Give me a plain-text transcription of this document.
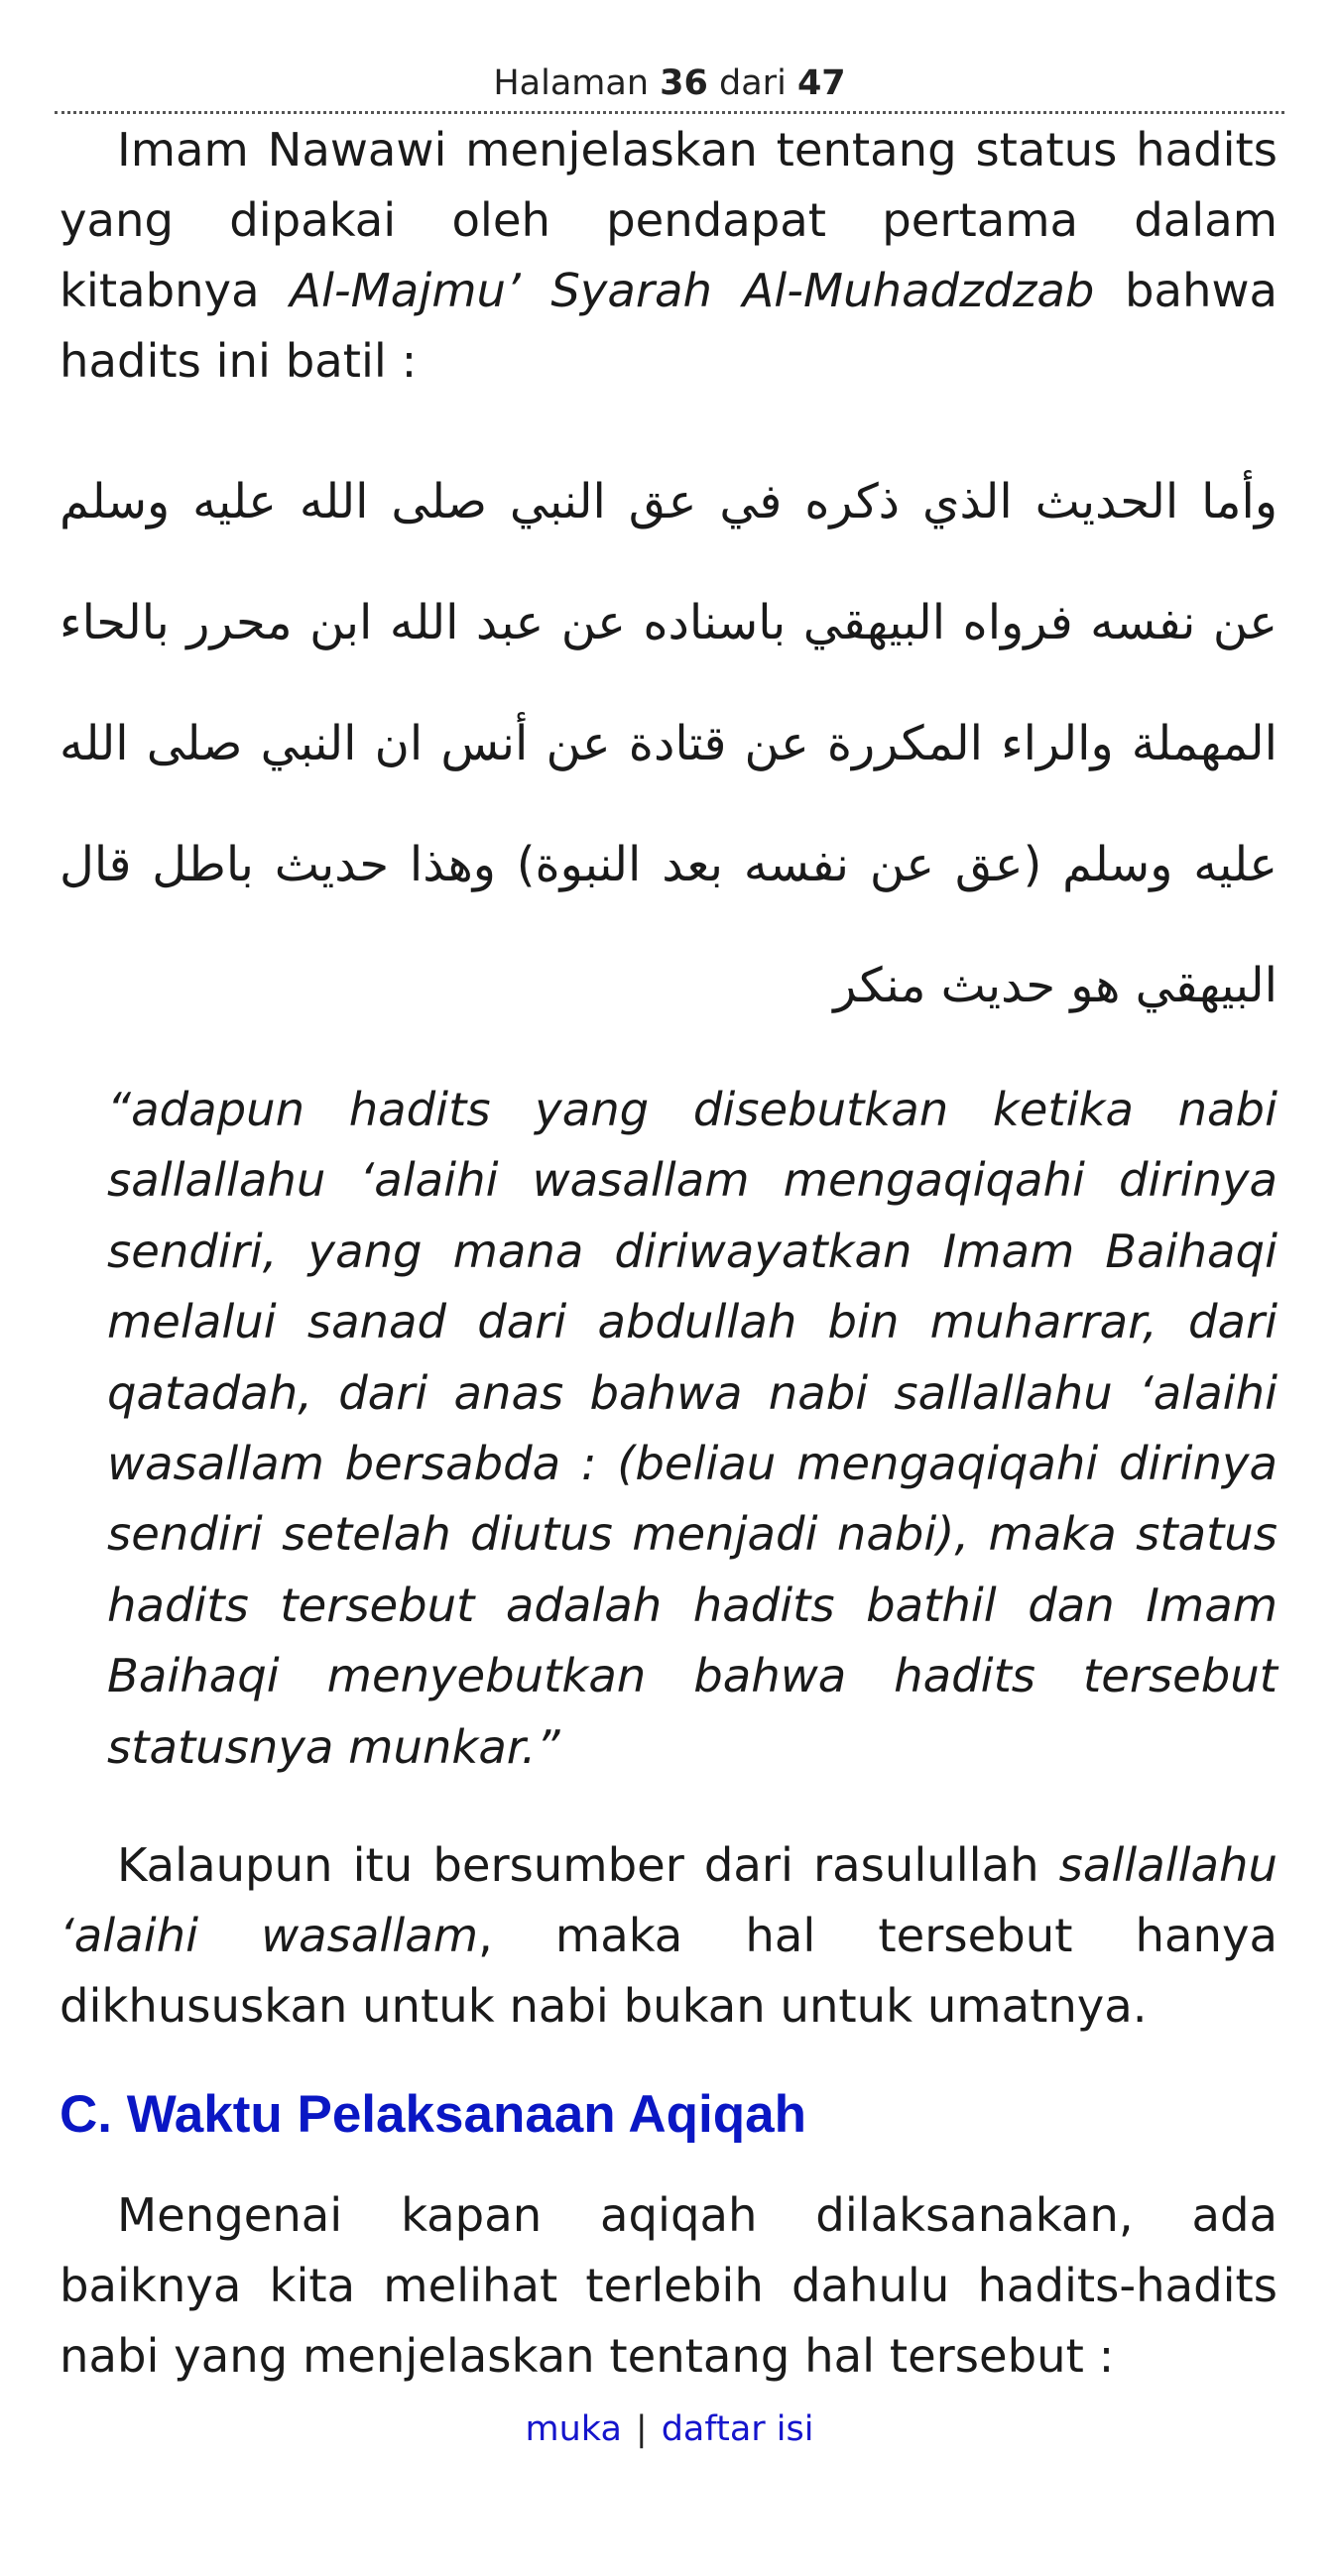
Halaman 36 dari 47

Imam Nawawi menjelaskan tentang status hadits yang dipakai oleh pendapat pertama dalam kitabnya Al-Majmu’ Syarah Al-Muhadzdzab bahwa hadits ini batil :

وأما الحديث الذي ذكره في عق النبي صلى الله عليه وسلم عن نفسه فرواه البيهقي باسناده عن عبد الله ابن محرر بالحاء المهملة والراء المكررة عن قتادة عن أنس ان النبي صلى الله عليه وسلم (عق عن نفسه بعد النبوة) وهذا حديث باطل قال البيهقي هو حديث منكر

“adapun hadits yang disebutkan ketika nabi sallallahu ‘alaihi wasallam mengaqiqahi dirinya sendiri, yang mana diriwayatkan Imam Baihaqi melalui sanad dari abdullah bin muharrar, dari qatadah, dari anas bahwa nabi sallallahu ‘alaihi wasallam bersabda : (beliau mengaqiqahi dirinya sendiri setelah diutus menjadi nabi), maka status hadits tersebut adalah hadits bathil dan Imam Baihaqi menyebutkan bahwa hadits tersebut statusnya munkar.”

Kalaupun itu bersumber dari rasulullah sallallahu ‘alaihi wasallam, maka hal tersebut hanya dikhususkan untuk nabi bukan untuk umatnya.

C. Waktu Pelaksanaan Aqiqah

Mengenai kapan aqiqah dilaksanakan, ada baiknya kita melihat terlebih dahulu hadits-hadits nabi yang menjelaskan tentang hal tersebut :

muka | daftar isi
